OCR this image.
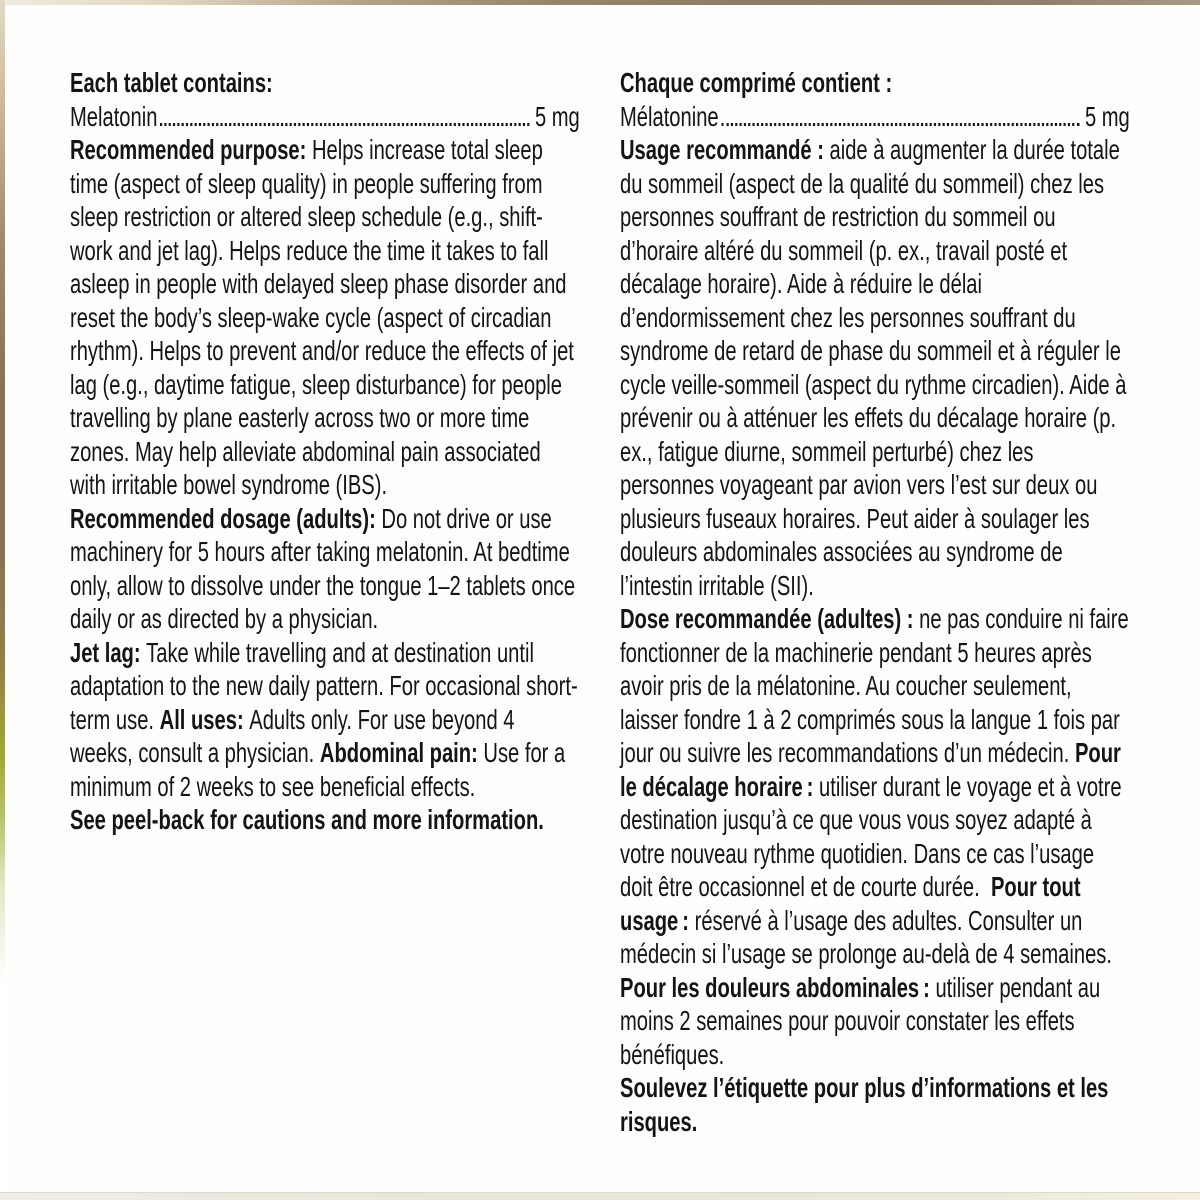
Each tablet contains:
Melatonin	5 mg

Recommended purpose: Helps increase total sleep time (aspect of sleep quality) in people suffering from sleep restriction or altered sleep schedule (e.g., shift-work and jet lag). Helps reduce the time it takes to fall asleep in people with delayed sleep phase disorder and reset the body’s sleep-wake cycle (aspect of circadian rhythm). Helps to prevent and/or reduce the effects of jet lag (e.g., daytime fatigue, sleep disturbance) for people travelling by plane easterly across two or more time zones. May help alleviate abdominal pain associated with irritable bowel syndrome (IBS).

Recommended dosage (adults): Do not drive or use machinery for 5 hours after taking melatonin. At bedtime only, allow to dissolve under the tongue 1–2 tablets once daily or as directed by a physician.

Jet lag: Take while travelling and at destination until adaptation to the new daily pattern. For occasional short-term use. All uses: Adults only. For use beyond 4 weeks, consult a physician. Abdominal pain: Use for a minimum of 2 weeks to see beneficial effects.

See peel-back for cautions and more information.

Chaque comprimé contient :
Mélatonine	5 mg

Usage recommandé : aide à augmenter la durée totale du sommeil (aspect de la qualité du sommeil) chez les personnes souffrant de restriction du sommeil ou d’horaire altéré du sommeil (p. ex., travail posté et décalage horaire). Aide à réduire le délai d’endormissement chez les personnes souffrant du syndrome de retard de phase du sommeil et à réguler le cycle veille-sommeil (aspect du rythme circadien). Aide à prévenir ou à atténuer les effets du décalage horaire (p. ex., fatigue diurne, sommeil perturbé) chez les personnes voyageant par avion vers l’est sur deux ou plusieurs fuseaux horaires. Peut aider à soulager les douleurs abdominales associées au syndrome de l’intestin irritable (SII).

Dose recommandée (adultes) : ne pas conduire ni faire fonctionner de la machinerie pendant 5 heures après avoir pris de la mélatonine. Au coucher seulement, laisser fondre 1 à 2 comprimés sous la langue 1 fois par jour ou suivre les recommandations d’un médecin. Pour le décalage horaire : utiliser durant le voyage et à votre destination jusqu’à ce que vous vous soyez adapté à votre nouveau rythme quotidien. Dans ce cas l’usage doit être occasionnel et de courte durée.  Pour tout usage : réservé à l’usage des adultes. Consulter un médecin si l’usage se prolonge au-delà de 4 semaines. Pour les douleurs abdominales : utiliser pendant au moins 2 semaines pour pouvoir constater les effets bénéfiques.

Soulevez l’étiquette pour plus d’informations et les risques.
